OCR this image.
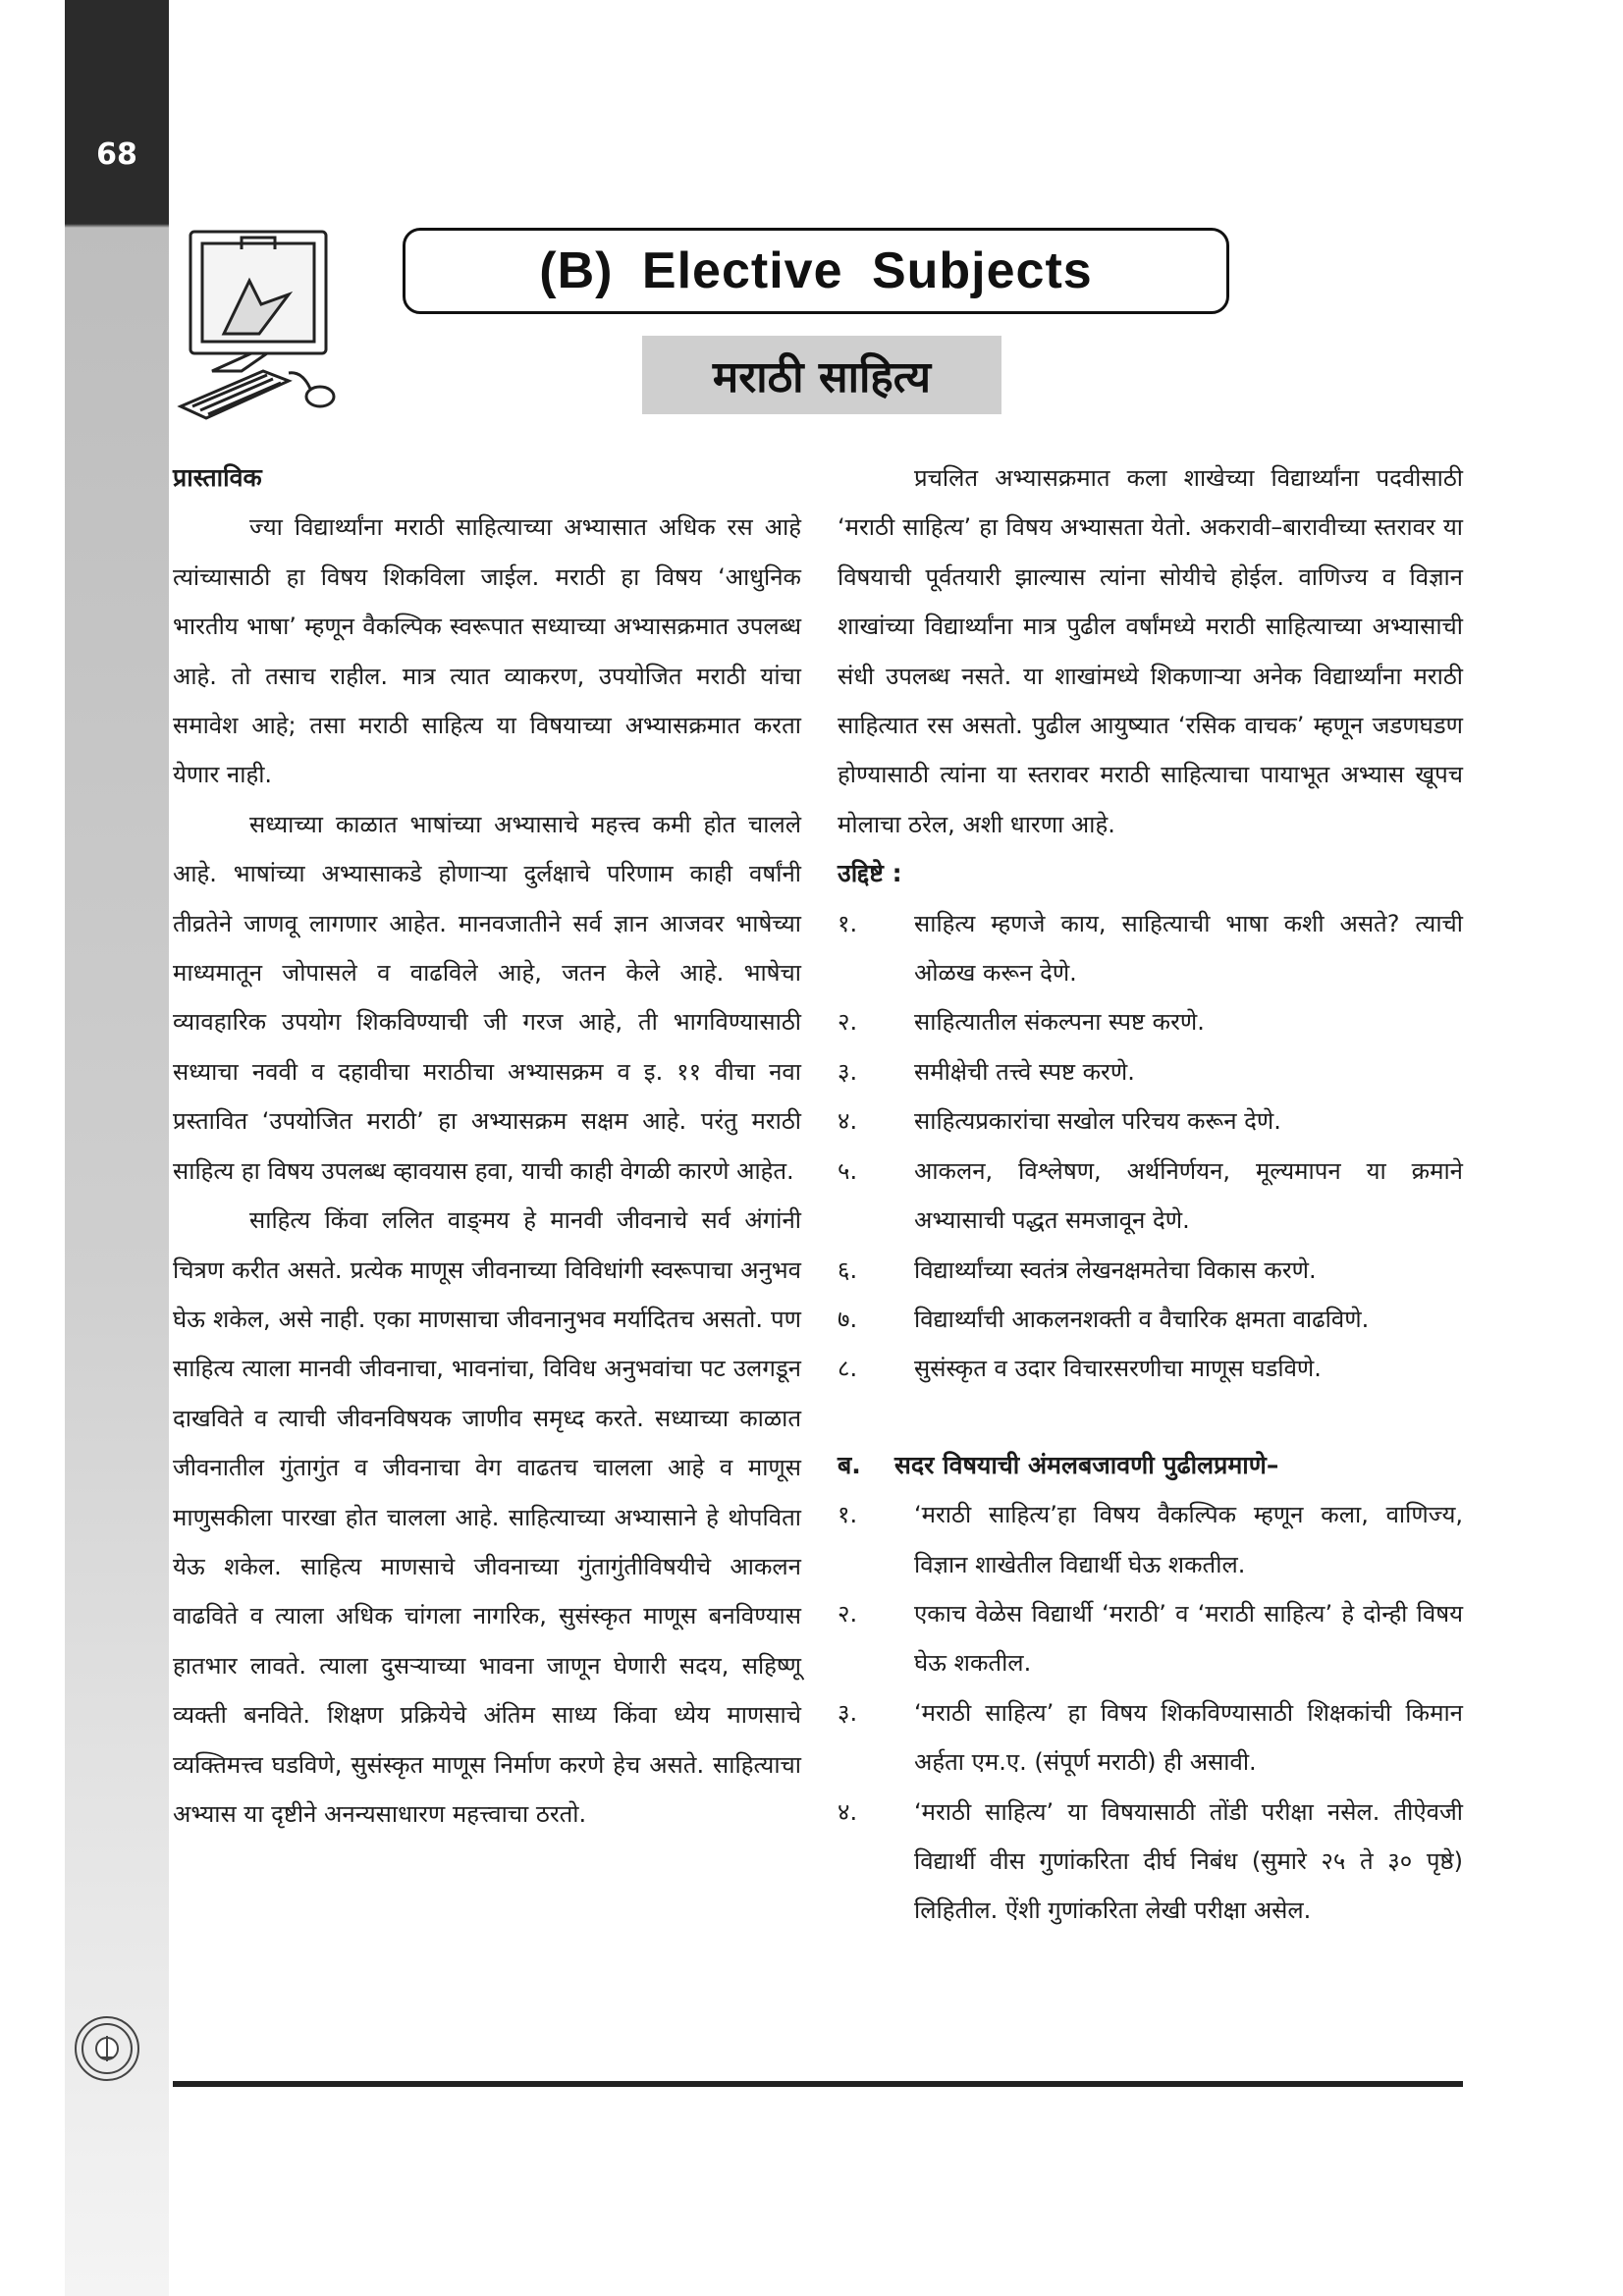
68
(B) Elective Subjects
मराठी साहित्य
प्रास्ताविक

ज्या विद्यार्थ्यांना मराठी साहित्याच्या अभ्यासात अधिक रस आहे त्यांच्यासाठी हा विषय शिकविला जाईल. मराठी हा विषय ‘आधुनिक भारतीय भाषा’ म्हणून वैकल्पिक स्वरूपात सध्याच्या अभ्यासक्रमात उपलब्ध आहे. तो तसाच राहील. मात्र त्यात व्याकरण, उपयोजित मराठी यांचा समावेश आहे; तसा मराठी साहित्य या विषयाच्या अभ्यासक्रमात करता येणार नाही.

सध्याच्या काळात भाषांच्या अभ्यासाचे महत्त्व कमी होत चालले आहे. भाषांच्या अभ्यासाकडे होणाऱ्या दुर्लक्षाचे परिणाम काही वर्षांनी तीव्रतेने जाणवू लागणार आहेत. मानवजातीने सर्व ज्ञान आजवर भाषेच्या माध्यमातून जोपासले व वाढविले आहे, जतन केले आहे. भाषेचा व्यावहारिक उपयोग शिकविण्याची जी गरज आहे, ती भागविण्यासाठी सध्याचा नववी व दहावीचा मराठीचा अभ्यासक्रम व इ. ११ वीचा नवा प्रस्तावित ‘उपयोजित मराठी’ हा अभ्यासक्रम सक्षम आहे. परंतु मराठी साहित्य हा विषय उपलब्ध व्हावयास हवा, याची काही वेगळी कारणे आहेत.

साहित्य किंवा ललित वाङ्‌मय हे मानवी जीवनाचे सर्व अंगांनी चित्रण करीत असते. प्रत्येक माणूस जीवनाच्या विविधांगी स्वरूपाचा अनुभव घेऊ शकेल, असे नाही. एका माणसाचा जीवनानुभव मर्यादितच असतो. पण साहित्य त्याला मानवी जीवनाचा, भावनांचा, विविध अनुभवांचा पट उलगडून दाखविते व त्याची जीवनविषयक जाणीव समृध्द करते. सध्याच्या काळात जीवनातील गुंतागुंत व जीवनाचा वेग वाढतच चालला आहे व माणूस माणुसकीला पारखा होत चालला आहे. साहित्याच्या अभ्यासाने हे थोपविता येऊ शकेल. साहित्य माणसाचे जीवनाच्या गुंतागुंतीविषयीचे आकलन वाढविते व त्याला अधिक चांगला नागरिक, सुसंस्कृत माणूस बनविण्यास हातभार लावते. त्याला दुसऱ्याच्या भावना जाणून घेणारी सदय, सहिष्णू व्यक्ती बनविते. शिक्षण प्रक्रियेचे अंतिम साध्य किंवा ध्येय माणसाचे व्यक्तिमत्त्व घडविणे, सुसंस्कृत माणूस निर्माण करणे हेच असते. साहित्याचा अभ्यास या दृष्टीने अनन्यसाधारण महत्त्वाचा ठरतो.

प्रचलित अभ्यासक्रमात कला शाखेच्या विद्यार्थ्यांना पदवीसाठी ‘मराठी साहित्य’ हा विषय अभ्यासता येतो. अकरावी–बारावीच्या स्तरावर या विषयाची पूर्वतयारी झाल्यास त्यांना सोयीचे होईल. वाणिज्य व विज्ञान शाखांच्या विद्यार्थ्यांना मात्र पुढील वर्षांमध्ये मराठी साहित्याच्या अभ्यासाची संधी उपलब्ध नसते. या शाखांमध्ये शिकणाऱ्या अनेक विद्यार्थ्यांना मराठी साहित्यात रस असतो. पुढील आयुष्यात ‘रसिक वाचक’ म्हणून जडणघडण होण्यासाठी त्यांना या स्तरावर मराठी साहित्याचा पायाभूत अभ्यास खूपच मोलाचा ठरेल, अशी धारणा आहे.

उद्दिष्टे :
१.	साहित्य म्हणजे काय, साहित्याची भाषा कशी असते? त्याची ओळख करून देणे.
२.	साहित्यातील संकल्पना स्पष्ट करणे.
३.	समीक्षेची तत्त्वे स्पष्ट करणे.
४.	साहित्यप्रकारांचा सखोल परिचय करून देणे.
५.	आकलन, विश्लेषण, अर्थनिर्णयन, मूल्यमापन या क्रमाने अभ्यासाची पद्धत समजावून देणे.
६.	विद्यार्थ्यांच्या स्वतंत्र लेखनक्षमतेचा विकास करणे.
७.	विद्यार्थ्यांची आकलनशक्ती व वैचारिक क्षमता वाढविणे.
८.	सुसंस्कृत व उदार विचारसरणीचा माणूस घडविणे.
ब.	सदर विषयाची अंमलबजावणी पुढीलप्रमाणे–
१.	‘मराठी साहित्य’हा विषय वैकल्पिक म्हणून कला, वाणिज्य, विज्ञान शाखेतील विद्यार्थी घेऊ शकतील.
२.	एकाच वेळेस विद्यार्थी ‘मराठी’ व ‘मराठी साहित्य’ हे दोन्ही विषय घेऊ शकतील.
३.	‘मराठी साहित्य’ हा विषय शिकविण्यासाठी शिक्षकांची किमान अर्हता एम.ए. (संपूर्ण मराठी) ही असावी.
४.	‘मराठी साहित्य’ या विषयासाठी तोंडी परीक्षा नसेल. तीऐवजी विद्यार्थी वीस गुणांकरिता दीर्घ निबंध (सुमारे २५ ते ३० पृष्ठे) लिहितील. ऐंशी गुणांकरिता लेखी परीक्षा असेल.
